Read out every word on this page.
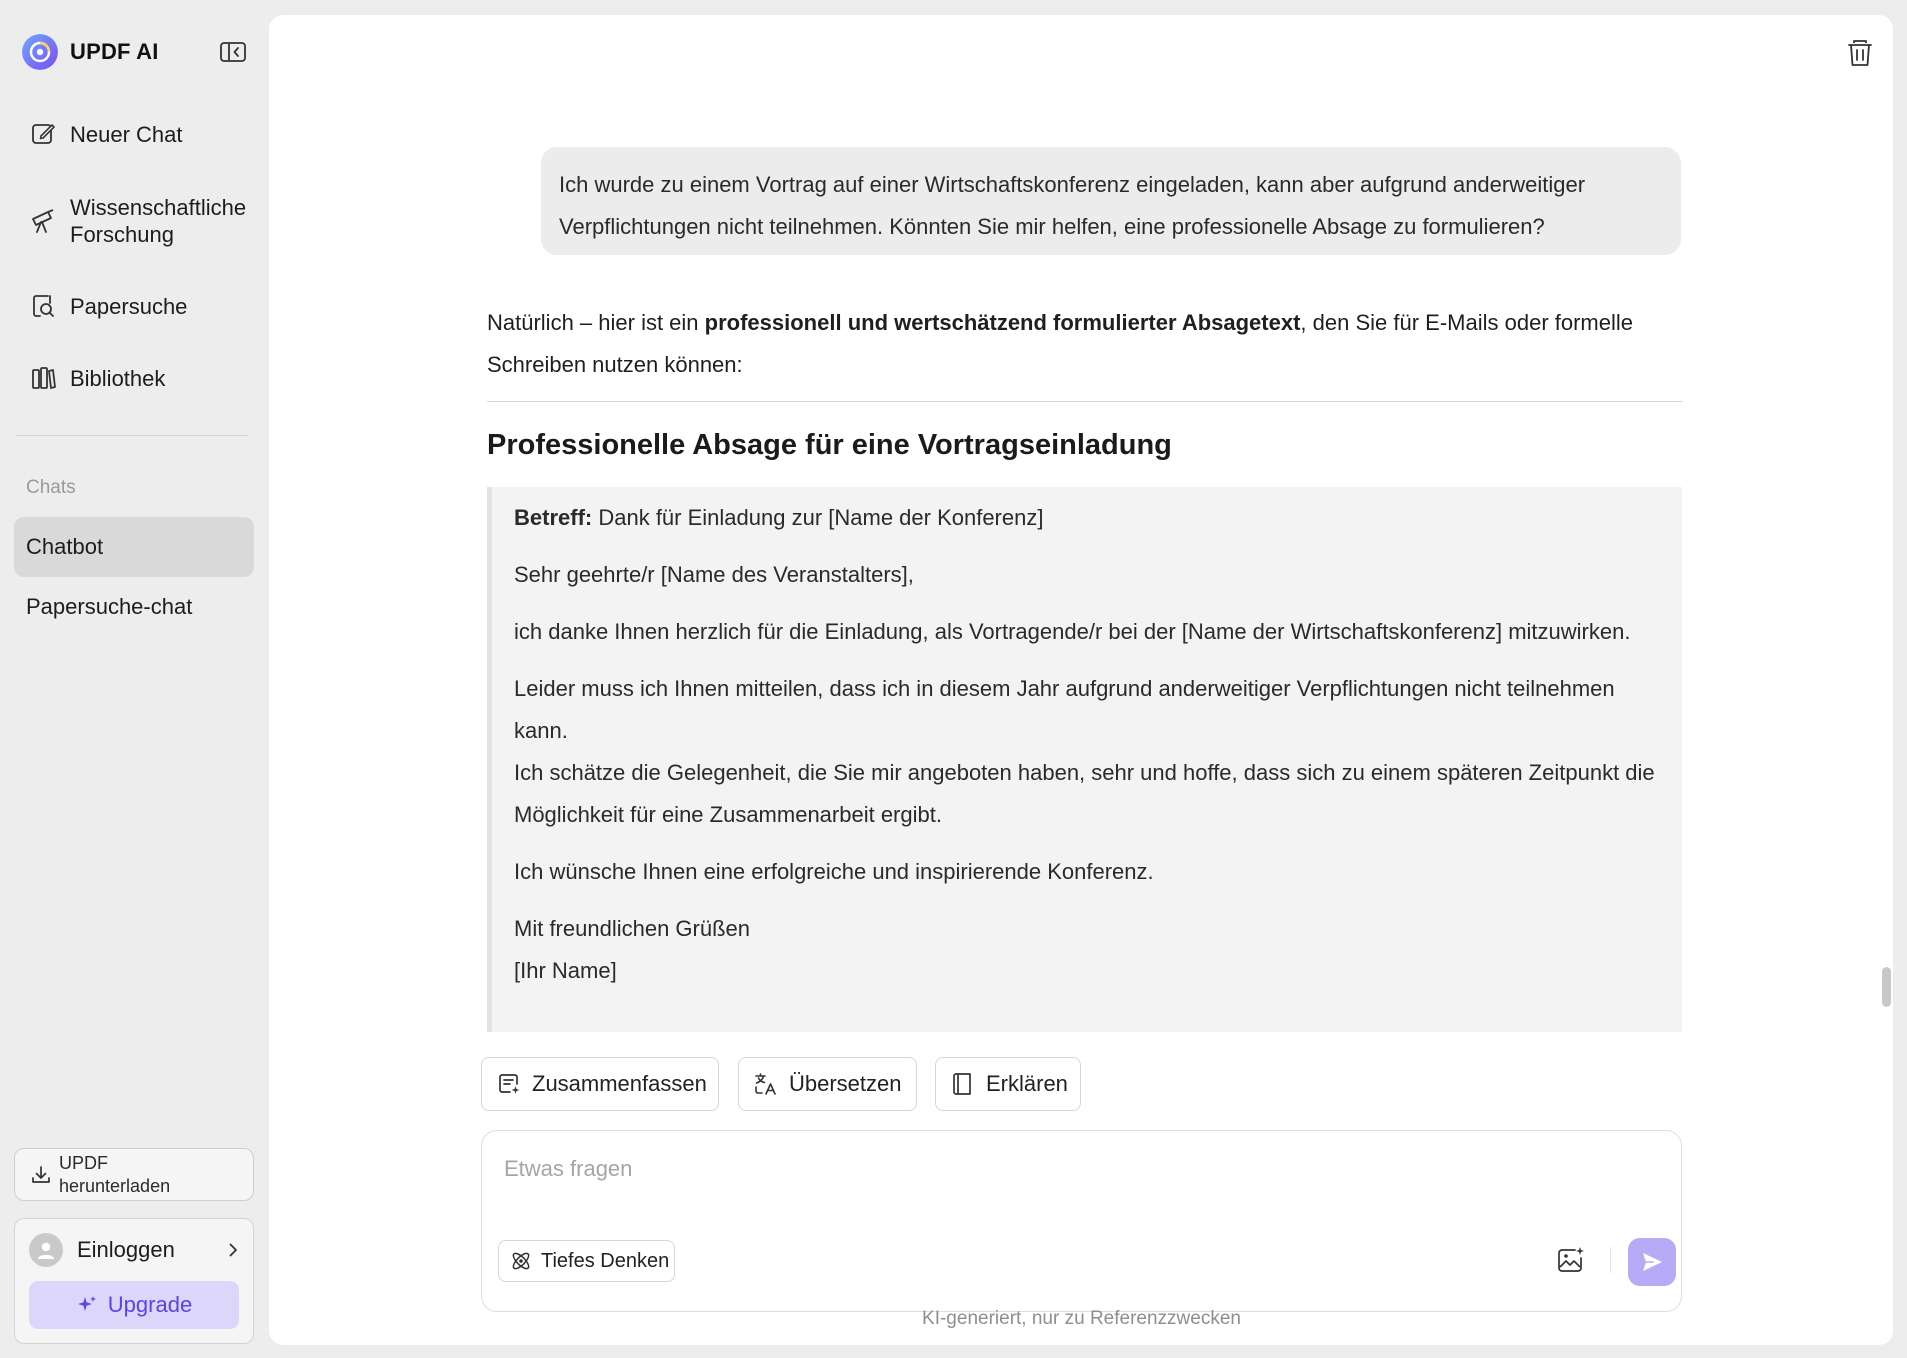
UPDF AI
Neuer Chat
Wissenschaftliche
Forschung
Papersuche
Bibliothek
Chats
Chatbot
Papersuche-chat
UPDF
herunterladen
Einloggen
Upgrade
Ich wurde zu einem Vortrag auf einer Wirtschaftskonferenz eingeladen, kann aber aufgrund anderweitiger Verpflichtungen nicht teilnehmen. Könnten Sie mir helfen, eine professionelle Absage zu formulieren?
Natürlich – hier ist ein professionell und wertschätzend formulierter Absagetext, den Sie für E-Mails oder formelle Schreiben nutzen können:
Professionelle Absage für eine Vortragseinladung

Betreff: Dank für Einladung zur [Name der Konferenz]

Sehr geehrte/r [Name des Veranstalters],

ich danke Ihnen herzlich für die Einladung, als Vortragende/r bei der [Name der Wirtschaftskonferenz] mitzuwirken.

Leider muss ich Ihnen mitteilen, dass ich in diesem Jahr aufgrund anderweitiger Verpflichtungen nicht teilnehmen kann.

Ich schätze die Gelegenheit, die Sie mir angeboten haben, sehr und hoffe, dass sich zu einem späteren Zeitpunkt die Möglichkeit für eine Zusammenarbeit ergibt.

Ich wünsche Ihnen eine erfolgreiche und inspirierende Konferenz.

Mit freundlichen Grüßen

[Ihr Name]

Zusammenfassen	Übersetzen	Erklären
Etwas fragen
Tiefes Denken
KI-generiert, nur zu Referenzzwecken
